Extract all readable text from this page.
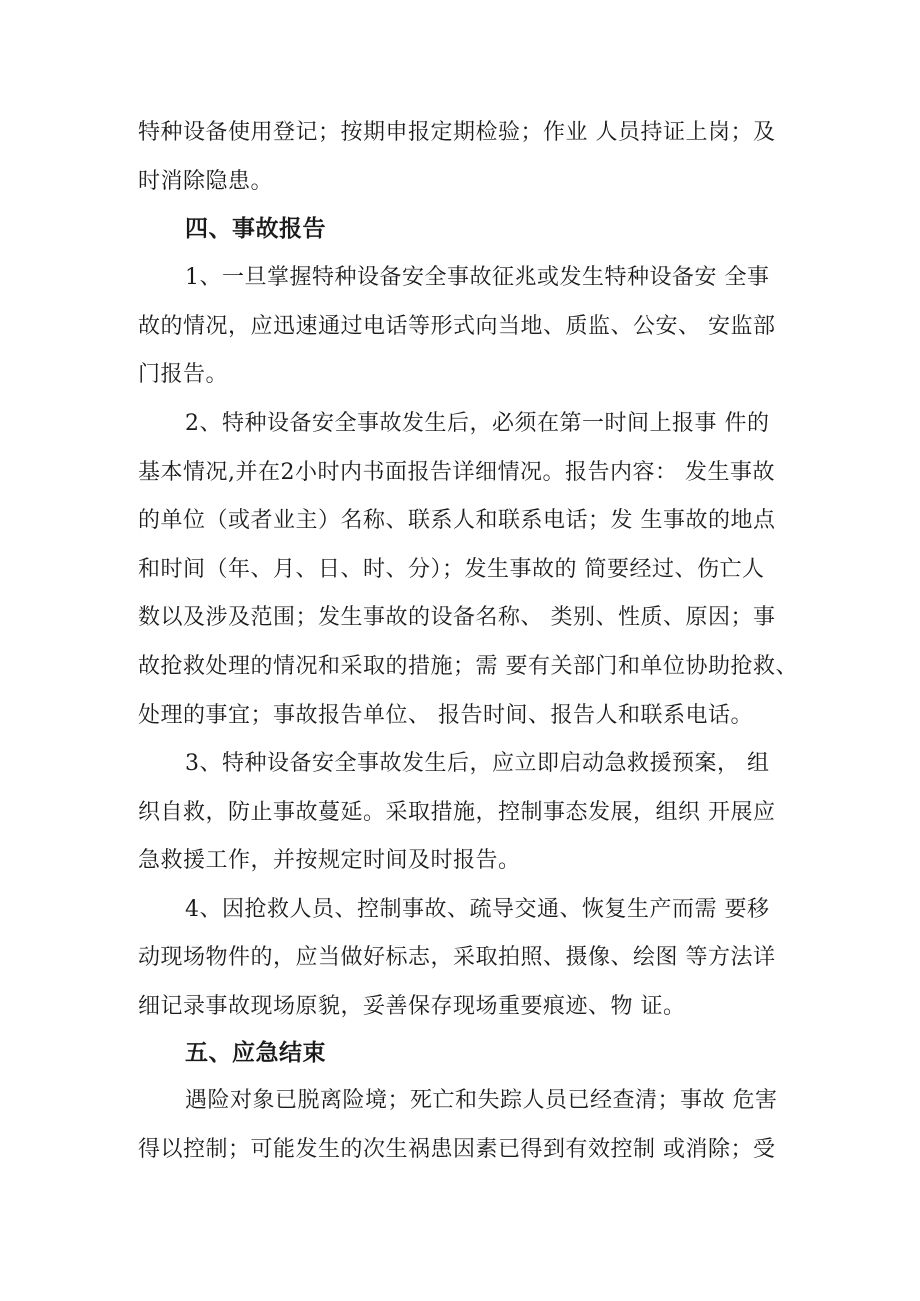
特种设备使用登记；按期申报定期检验；作业 人员持证上岗；及
时消除隐患。
四、事故报告
1、一旦掌握特种设备安全事故征兆或发生特种设备安 全事
故的情况，应迅速通过电话等形式向当地、质监、公安、 安监部
门报告。
2、特种设备安全事故发生后，必须在第一时间上报事 件的
基本情况,并在2小时内书面报告详细情况。报告内容： 发生事故
的单位（或者业主）名称、联系人和联系电话；发 生事故的地点
和时间（年、月、日、时、分）；发生事故的 简要经过、伤亡人
数以及涉及范围；发生事故的设备名称、 类别、性质、原因；事
故抢救处理的情况和采取的措施；需 要有关部门和单位协助抢救、
处理的事宜；事故报告单位、 报告时间、报告人和联系电话。
3、特种设备安全事故发生后，应立即启动急救援预案， 组
织自救，防止事故蔓延。采取措施，控制事态发展，组织 开展应
急救援工作，并按规定时间及时报告。
4、因抢救人员、控制事故、疏导交通、恢复生产而需 要移
动现场物件的，应当做好标志，采取拍照、摄像、绘图 等方法详
细记录事故现场原貌，妥善保存现场重要痕迹、物 证。
五、应急结束
遇险对象已脱离险境；死亡和失踪人员已经查清；事故 危害
得以控制；可能发生的次生祸患因素已得到有效控制 或消除；受
